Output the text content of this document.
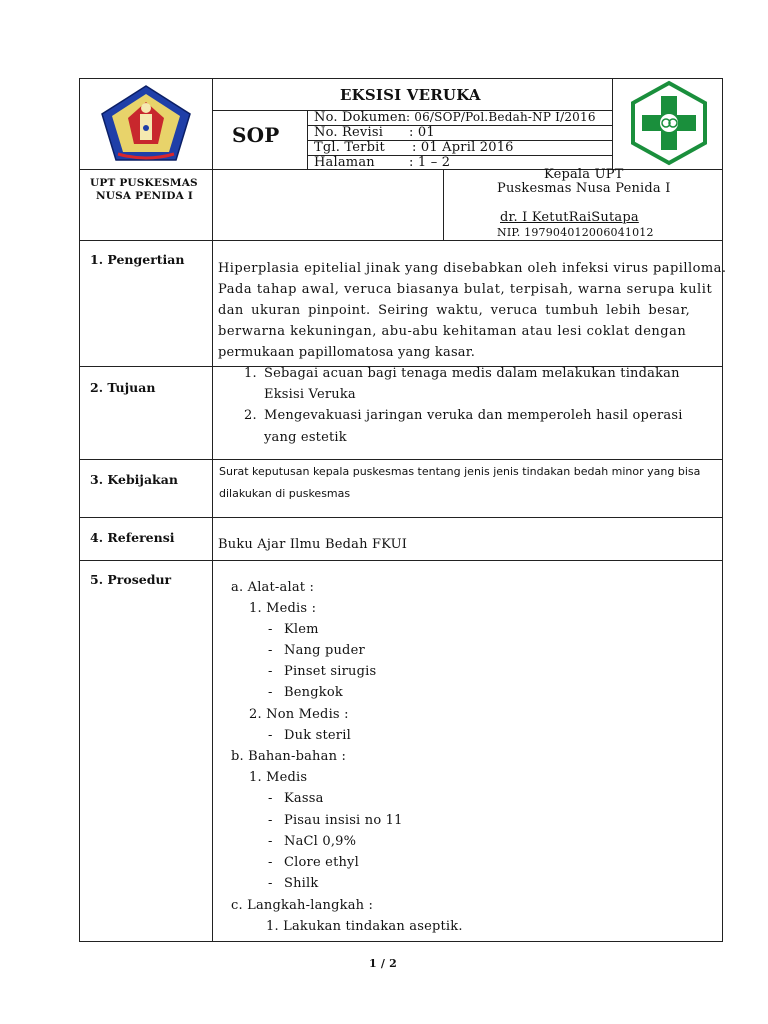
EKSISI VERUKA
SOP
No. Dokumen : 06/SOP/Pol.Bedah-NP I/2016
No. Revisi : 01
Tgl. Terbit : 01 April 2016
Halaman	: 1 – 2
UPT PUSKESMAS
NUSA PENIDA I
Kepala UPT
Puskesmas Nusa Penida I
dr. I KetutRaiSutapa
NIP. 197904012006041012
1. Pengertian
Hiperplasia epitelial jinak yang disebabkan oleh infeksi virus papilloma.
Pada tahap awal, veruca biasanya bulat, terpisah, warna serupa kulit
dan ukuran pinpoint. Seiring waktu, veruca tumbuh lebih besar,
berwarna kekuningan, abu-abu kehitaman atau lesi coklat dengan
permukaan papillomatosa yang kasar.
2. Tujuan
1. Sebagai acuan bagi tenaga medis dalam melakukan tindakan
Eksisi Veruka
2. Mengevakuasi jaringan veruka dan memperoleh hasil operasi
yang estetik
3. Kebijakan
Surat keputusan kepala puskesmas tentang jenis jenis tindakan bedah minor yang bisa
dilakukan di puskesmas
4. Referensi	Buku Ajar Ilmu Bedah FKUI
5. Prosedur
a. Alat-alat :
1. Medis :
- Klem
- Nang puder
- Pinset sirugis
- Bengkok
2. Non Medis :
- Duk steril
b. Bahan-bahan :
1. Medis
- Kassa
- Pisau insisi no 11
- NaCl 0,9%
- Clore ethyl
- Shilk
c. Langkah-langkah :
1. Lakukan tindakan aseptik.
1 / 2
